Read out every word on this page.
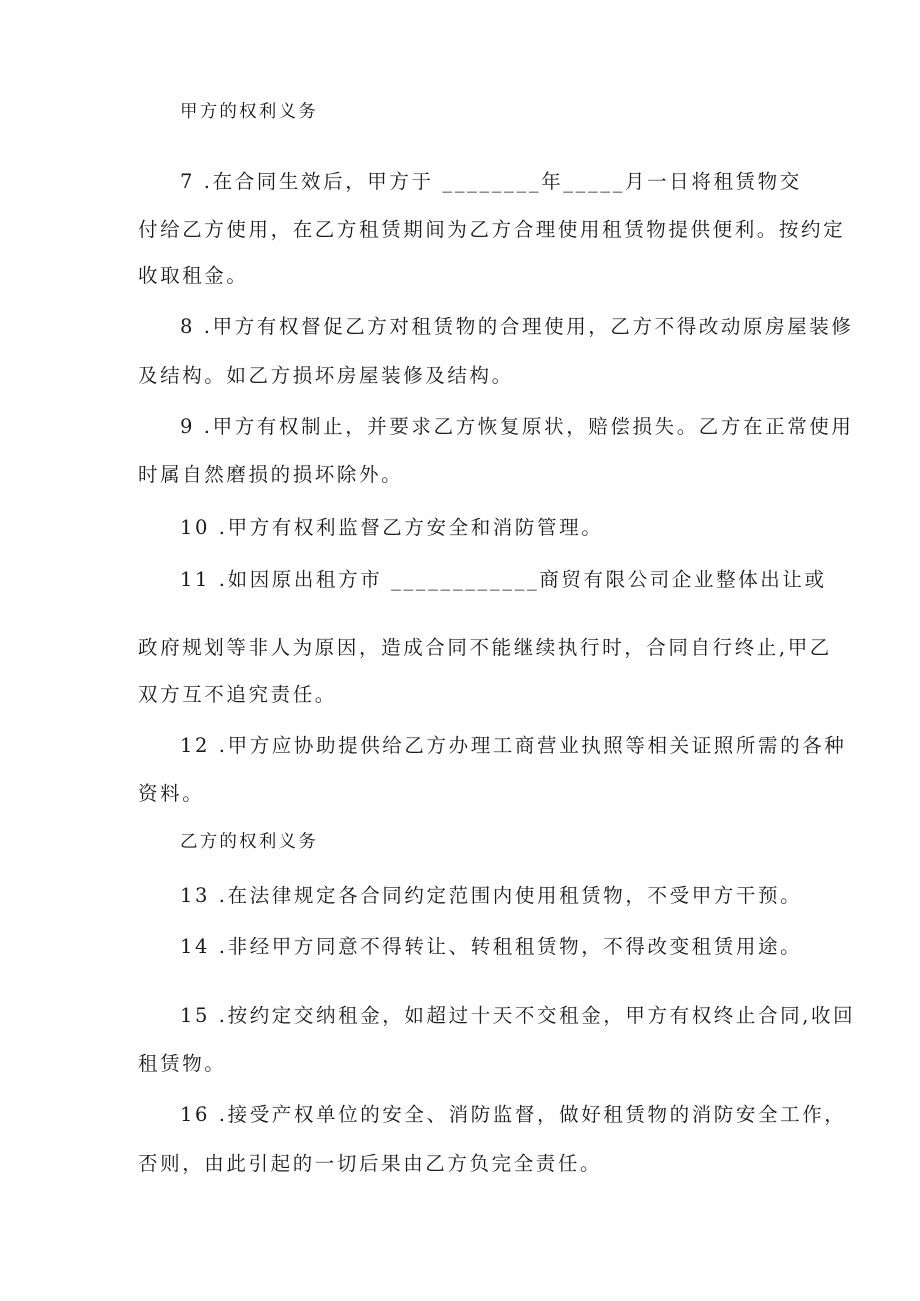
甲方的权利义务
7 .在合同生效后，甲方于 ________年_____月一日将租赁物交
付给乙方使用，在乙方租赁期间为乙方合理使用租赁物提供便利。按约定
收取租金。
8 .甲方有权督促乙方对租赁物的合理使用，乙方不得改动原房屋装修
及结构。如乙方损坏房屋装修及结构。
9 .甲方有权制止，并要求乙方恢复原状，赔偿损失。乙方在正常使用
时属自然磨损的损坏除外。
10 .甲方有权利监督乙方安全和消防管理。
11 .如因原出租方市 ____________商贸有限公司企业整体出让或
政府规划等非人为原因，造成合同不能继续执行时，合同自行终止,甲乙
双方互不追究责任。
12 .甲方应协助提供给乙方办理工商营业执照等相关证照所需的各种
资料。
乙方的权利义务
13 .在法律规定各合同约定范围内使用租赁物，不受甲方干预。
14 .非经甲方同意不得转让、转租租赁物，不得改变租赁用途。
15 .按约定交纳租金，如超过十天不交租金，甲方有权终止合同,收回
租赁物。
16 .接受产权单位的安全、消防监督，做好租赁物的消防安全工作，
否则，由此引起的一切后果由乙方负完全责任。
